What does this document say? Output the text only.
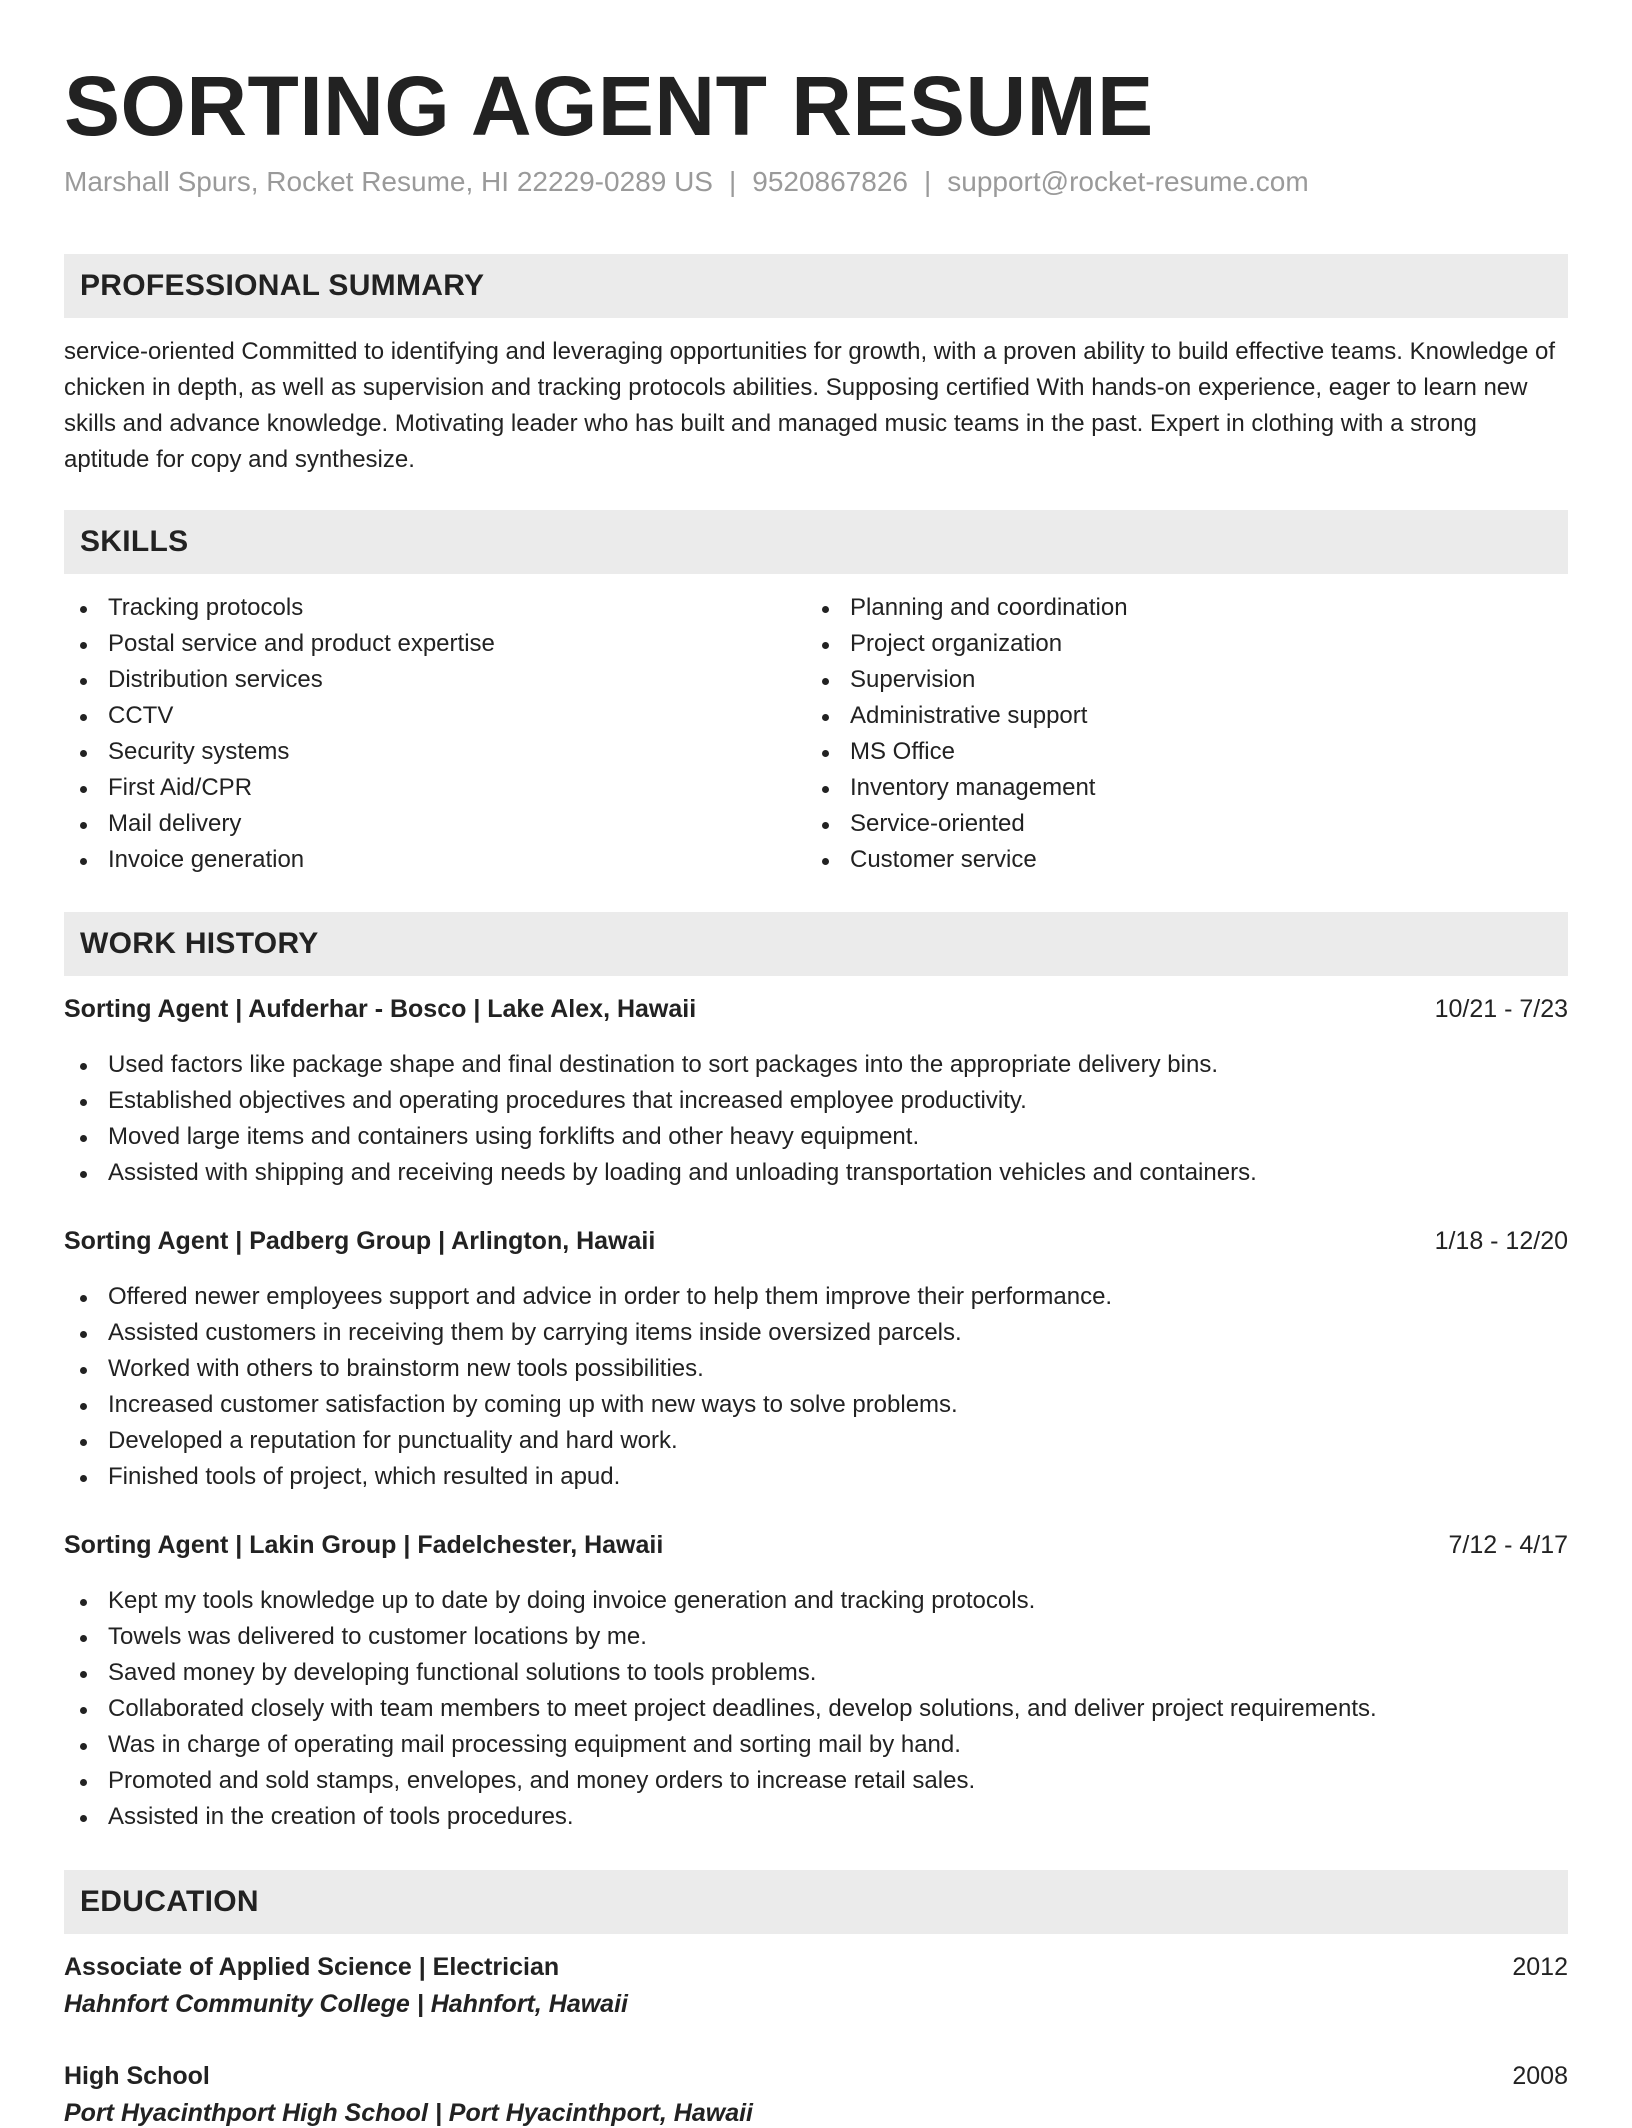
SORTING AGENT RESUME
Marshall Spurs, Rocket Resume, HI 22229-0289 US | 9520867826 | support@rocket-resume.com
PROFESSIONAL SUMMARY
service-oriented Committed to identifying and leveraging opportunities for growth, with a proven ability to build effective teams. Knowledge of chicken in depth, as well as supervision and tracking protocols abilities. Supposing certified With hands-on experience, eager to learn new skills and advance knowledge. Motivating leader who has built and managed music teams in the past. Expert in clothing with a strong aptitude for copy and synthesize.
SKILLS
Tracking protocols
Postal service and product expertise
Distribution services
CCTV
Security systems
First Aid/CPR
Mail delivery
Invoice generation
Planning and coordination
Project organization
Supervision
Administrative support
MS Office
Inventory management
Service-oriented
Customer service
WORK HISTORY
Sorting Agent | Aufderhar - Bosco | Lake Alex, Hawaii	10/21 - 7/23
Used factors like package shape and final destination to sort packages into the appropriate delivery bins.
Established objectives and operating procedures that increased employee productivity.
Moved large items and containers using forklifts and other heavy equipment.
Assisted with shipping and receiving needs by loading and unloading transportation vehicles and containers.
Sorting Agent | Padberg Group | Arlington, Hawaii	1/18 - 12/20
Offered newer employees support and advice in order to help them improve their performance.
Assisted customers in receiving them by carrying items inside oversized parcels.
Worked with others to brainstorm new tools possibilities.
Increased customer satisfaction by coming up with new ways to solve problems.
Developed a reputation for punctuality and hard work.
Finished tools of project, which resulted in apud.
Sorting Agent | Lakin Group | Fadelchester, Hawaii	7/12 - 4/17
Kept my tools knowledge up to date by doing invoice generation and tracking protocols.
Towels was delivered to customer locations by me.
Saved money by developing functional solutions to tools problems.
Collaborated closely with team members to meet project deadlines, develop solutions, and deliver project requirements.
Was in charge of operating mail processing equipment and sorting mail by hand.
Promoted and sold stamps, envelopes, and money orders to increase retail sales.
Assisted in the creation of tools procedures.
EDUCATION
Associate of Applied Science | Electrician	2012
Hahnfort Community College | Hahnfort, Hawaii
High School	2008
Port Hyacinthport High School | Port Hyacinthport, Hawaii
